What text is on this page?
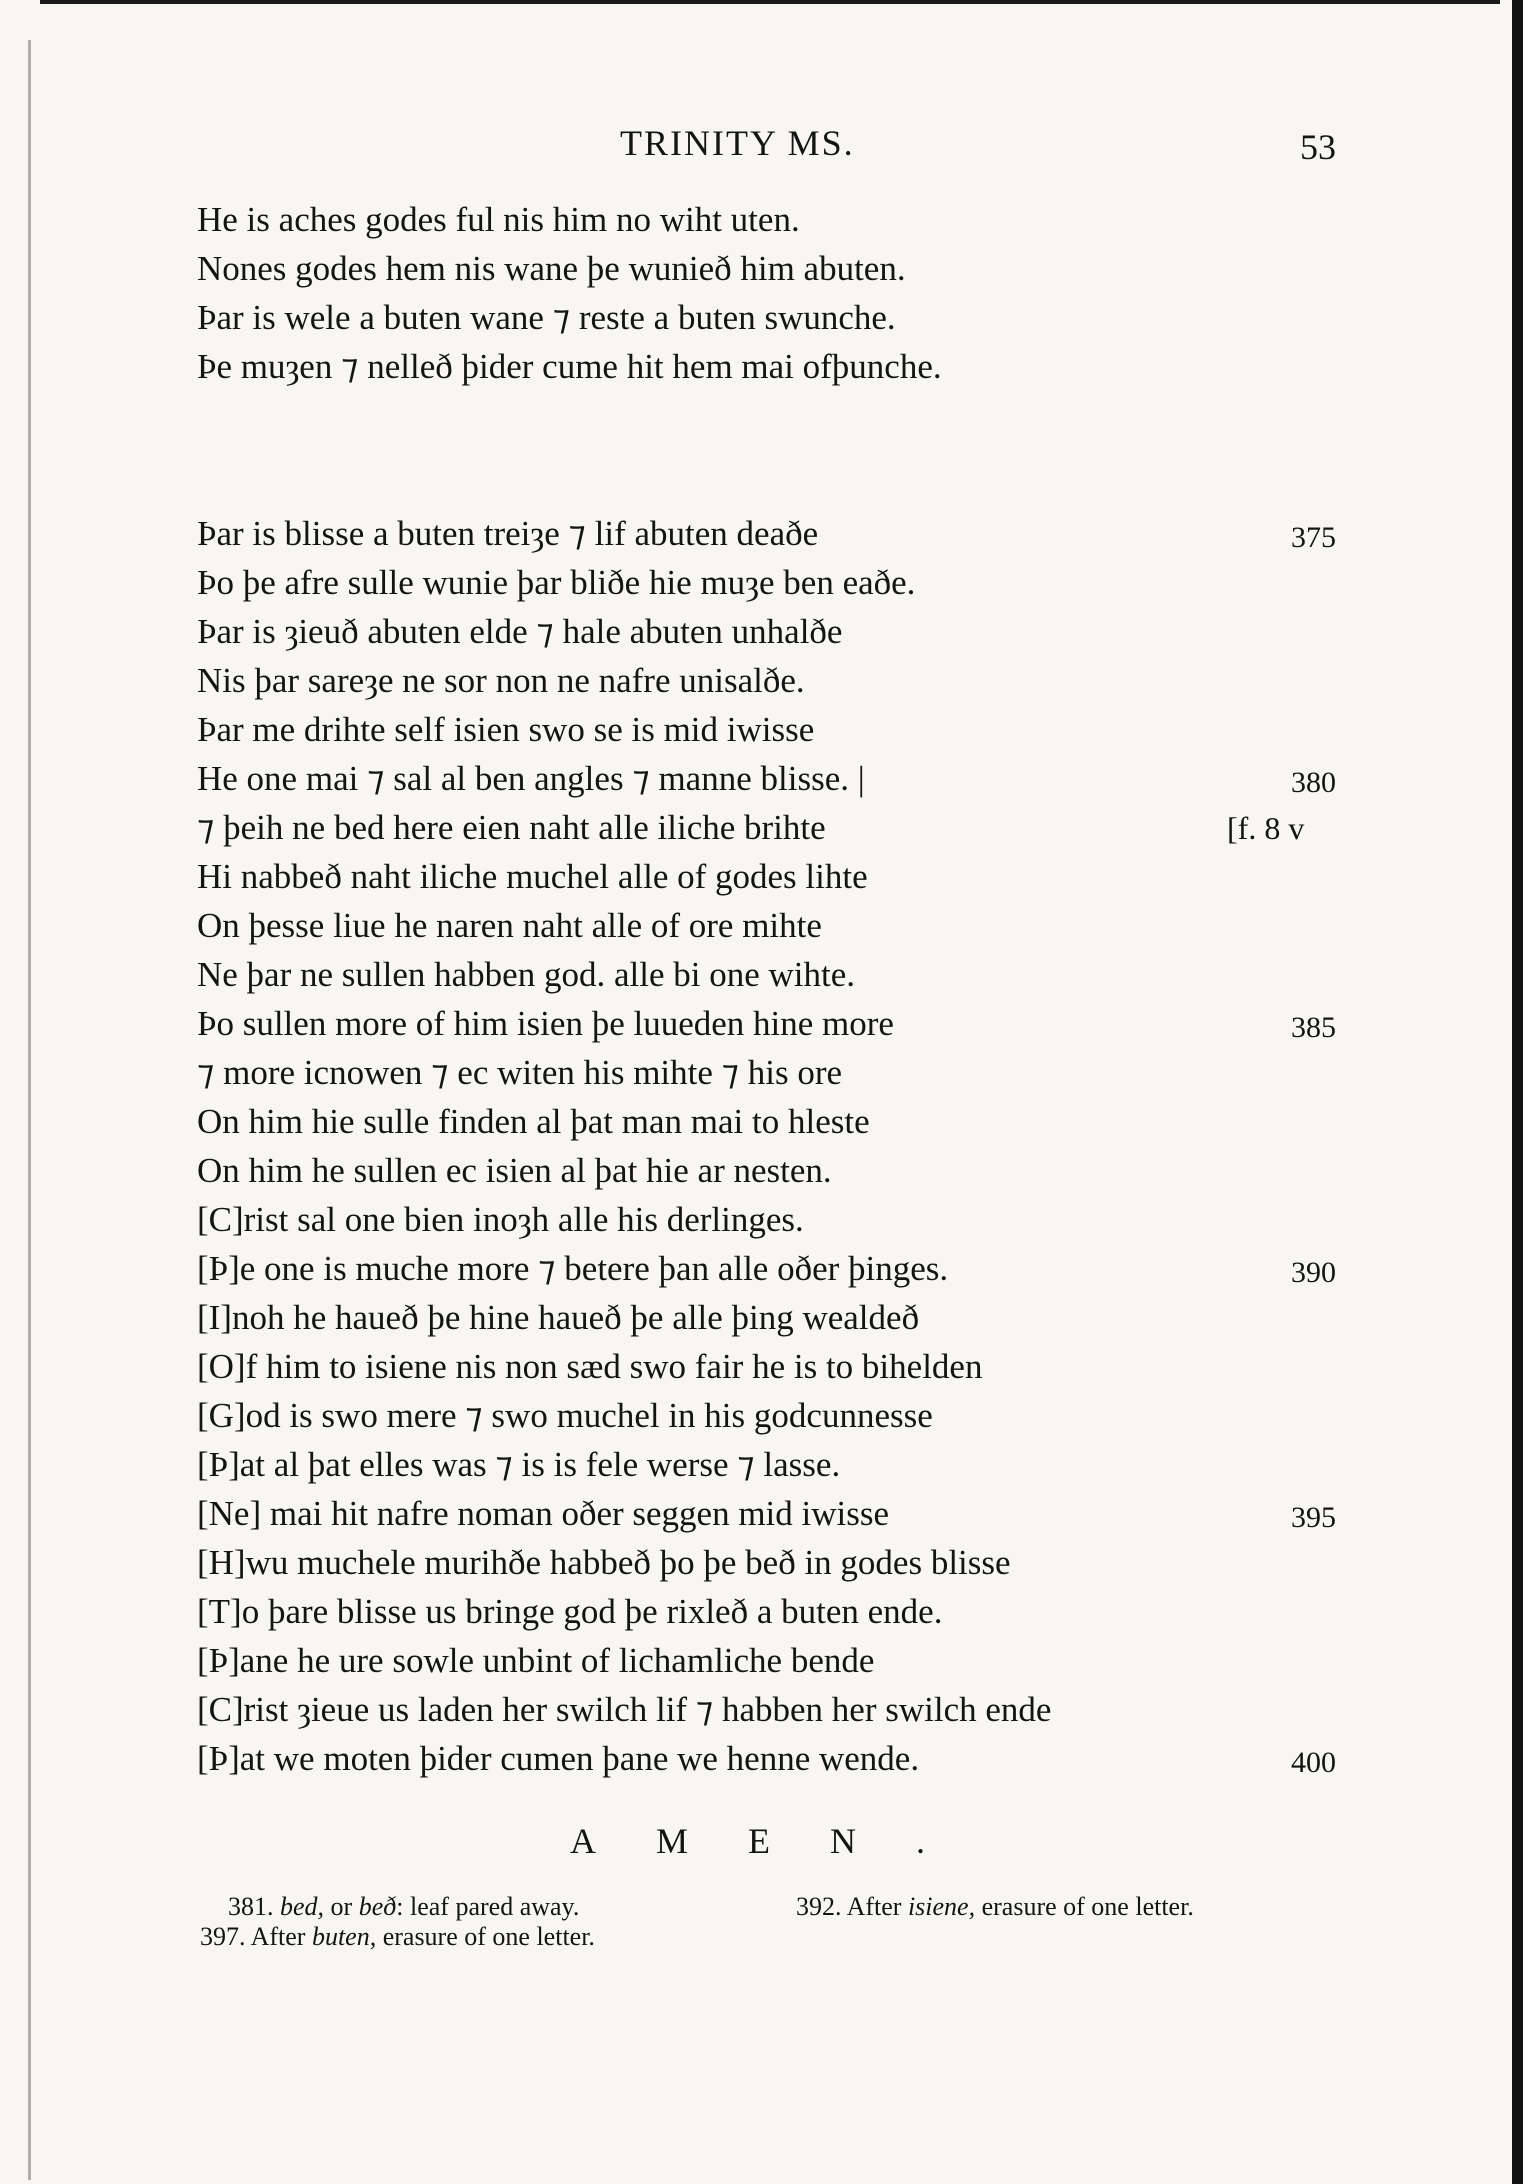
TRINITY MS.	53
He is aches godes ful nis him no wiht uten.
Nones godes hem nis wane þe wunieð him abuten.
Þar is wele a buten wane ⁊ reste a buten swunche.
Þe muȝen ⁊ nelleð þider cume hit hem mai ofþunche.
Þar is blisse a buten treiȝe ⁊ lif abuten deaðe
Þo þe afre sulle wunie þar bliðe hie muȝe ben eaðe.
Þar is ȝieuð abuten elde ⁊ hale abuten unhalðe
Nis þar sareȝe ne sor non ne nafre unisalðe.
Þar me drihte self isien swo se is mid iwisse
He one mai ⁊ sal al ben angles ⁊ manne blisse. |
⁊ þeih ne bed here eien naht alle iliche brihte
Hi nabbeð naht iliche muchel alle of godes lihte
On þesse liue he naren naht alle of ore mihte
Ne þar ne sullen habben god. alle bi one wihte.
Þo sullen more of him isien þe luueden hine more
⁊ more icnowen ⁊ ec witen his mihte ⁊ his ore
On him hie sulle finden al þat man mai to hleste
On him he sullen ec isien al þat hie ar nesten.
[C]rist sal one bien inoȝh alle his derlinges.
[Þ]e one is muche more ⁊ betere þan alle oðer þinges.
[I]noh he haueð þe hine haueð þe alle þing wealdeð
[O]f him to isiene nis non sæd swo fair he is to bihelden
[G]od is swo mere ⁊ swo muchel in his godcunnesse
[Þ]at al þat elles was ⁊ is is fele werse ⁊ lasse.
[Ne] mai hit nafre noman oðer seggen mid iwisse
[H]wu muchele murihðe habbeð þo þe beð in godes blisse
[T]o þare blisse us bringe god þe rixleð a buten ende.
[Þ]ane he ure sowle unbint of lichamliche bende
[C]rist ȝieue us laden her swilch lif ⁊ habben her swilch ende
[Þ]at we moten þider cumen þane we henne wende.
375
380
[f. 8 v
385
390
395
400
AMEN.
381. bed, or beð: leaf pared away.	392. After isiene, erasure of one letter.
397. After buten, erasure of one letter.
